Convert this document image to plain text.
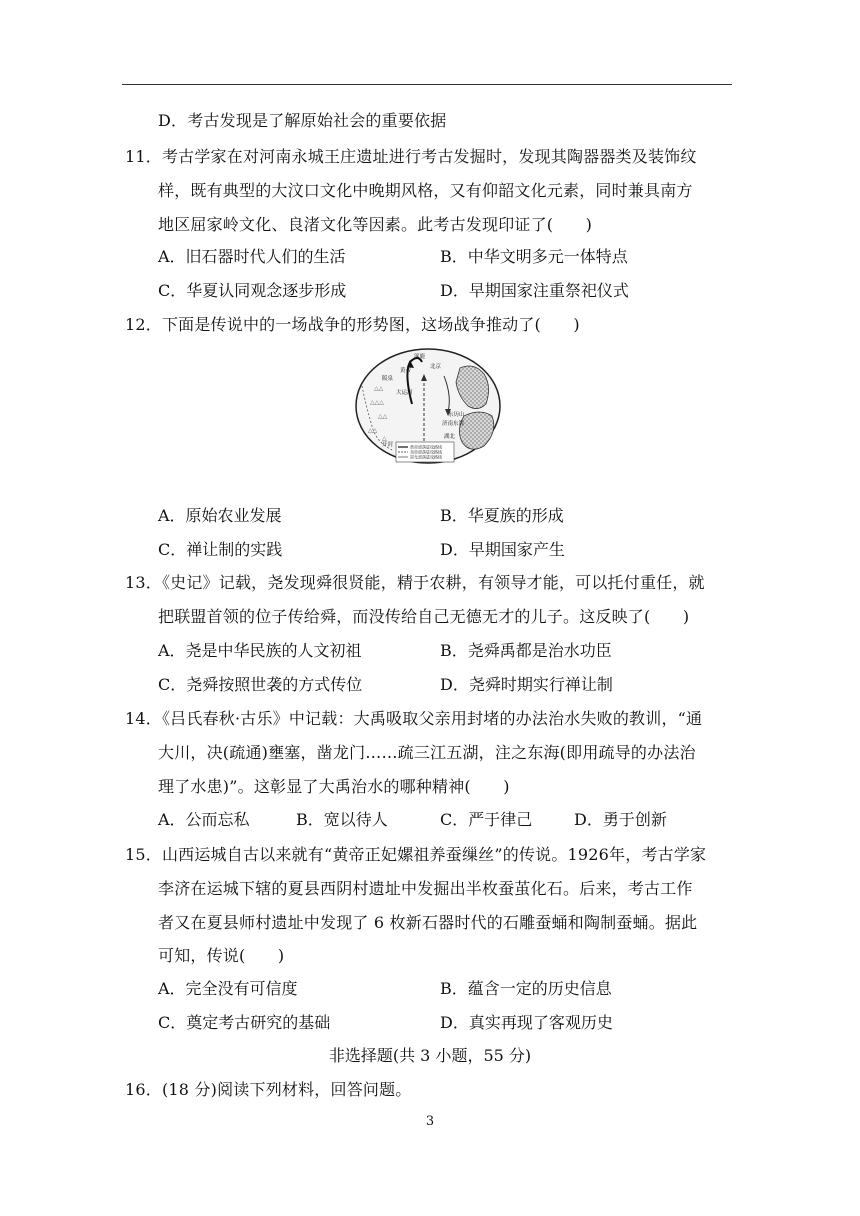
D．考古发现是了解原始社会的重要依据
11．考古学家在对河南永城王庄遗址进行考古发掘时，发现其陶器器类及装饰纹
样，既有典型的大汶口文化中晚期风格，又有仰韶文化元素，同时兼具南方
地区屈家岭文化、良渚文化等因素。此考古发现印证了(　　)
A．旧石器时代人们的生活	B．中华文明多元一体特点
C．华夏认同观念逐步形成	D．早期国家注重祭祀仪式
12．下面是传说中的一场战争的形势图，这场战争推动了(　　)
△△
△△△
△△
△△
△
涿鹿
黄帝
北京
大运河
东历山
济南东海
湖北
开封
阪泉
黄帝部落进攻路线
炎帝部落进攻路线
蚩尤部落进攻路线
A．原始农业发展	B．华夏族的形成
C．禅让制的实践	D．早期国家产生
13．《史记》记载，尧发现舜很贤能，精于农耕，有领导才能，可以托付重任，就
把联盟首领的位子传给舜，而没传给自己无德无才的儿子。这反映了(　　)
A．尧是中华民族的人文初祖	B．尧舜禹都是治水功臣
C．尧舜按照世袭的方式传位	D．尧舜时期实行禅让制
14．《吕氏春秋·古乐》中记载：大禹吸取父亲用封堵的办法治水失败的教训，“通
大川，决(疏通)壅塞，凿龙门……疏三江五湖，注之东海(即用疏导的办法治
理了水患)”。这彰显了大禹治水的哪种精神(　　)
A．公而忘私	B．宽以待人	C．严于律己	D．勇于创新
15．山西运城自古以来就有“黄帝正妃嫘祖养蚕缫丝”的传说。1926年，考古学家
李济在运城下辖的夏县西阴村遗址中发掘出半枚蚕茧化石。后来，考古工作
者又在夏县师村遗址中发现了 6 枚新石器时代的石雕蚕蛹和陶制蚕蛹。据此
可知，传说(　　)
A．完全没有可信度	B．蕴含一定的历史信息
C．奠定考古研究的基础	D．真实再现了客观历史
非选择题(共 3 小题，55 分)
16．(18 分)阅读下列材料，回答问题。
3
